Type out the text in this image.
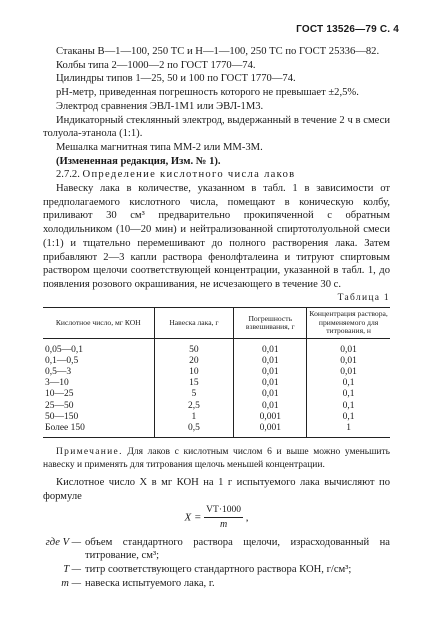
ГОСТ 13526—79 С. 4

Стаканы В—1—100, 250 ТС и Н—1—100, 250 ТС по ГОСТ 25336—82.

Колбы типа 2—1000—2 по ГОСТ 1770—74.

Цилиндры типов 1—25, 50 и 100 по ГОСТ 1770—74.

pH-метр, приведенная погрешность которого не превышает ±2,5%.

Электрод сравнения ЭВЛ-1М1 или ЭВЛ-1М3.

Индикаторный стеклянный электрод, выдержанный в течение 2 ч в смеси толуола-этанола (1:1).

Мешалка магнитная типа ММ-2 или ММ-3М.

(Измененная редакция, Изм. № 1).

2.7.2. Определение кислотного числа лаков

Навеску лака в количестве, указанном в табл. 1 в зависимости от предполагаемого кислотного числа, помещают в коническую колбу, приливают 30 см³ предварительно прокипяченной с обратным холодильником (10—20 мин) и нейтрализованной спиртотолуольной смеси (1:1) и тщательно перемешивают до полного растворения лака. Затем прибавляют 2—3 капли раствора фенолфталеина и титруют спиртовым раствором щелочи соответствующей концентрации, указанной в табл. 1, до появления розового окрашивания, не исчезающего в течение 30 с.

Таблица 1

Кислотное число, мг КОН	Навеска лака, г	Погрешность взвешивания, г	Концентрация раствора, применяемого для титрования, н
0,05—0,1	50	0,01	0,01
0,1—0,5	20	0,01	0,01
0,5—3	10	0,01	0,01
3—10	15	0,01	0,1
10—25	5	0,01	0,1
25—50	2,5	0,01	0,1
50—150	1	0,001	0,1
Более 150	0,5	0,001	1

Примечание. Для лаков с кислотным числом 6 и выше можно уменьшить навеску и применять для титрования щелочь меньшей концентрации.

Кислотное число X в мг КОН на 1 г испытуемого лака вычисляют по формуле

$X = \frac{VT\cdot 1000}{m}$ ,
где V — объем стандартного раствора щелочи, израсходованный на титрование, см³;
T — титр соответствующего стандартного раствора КОН, г/см³;
m — навеска испытуемого лака, г.
